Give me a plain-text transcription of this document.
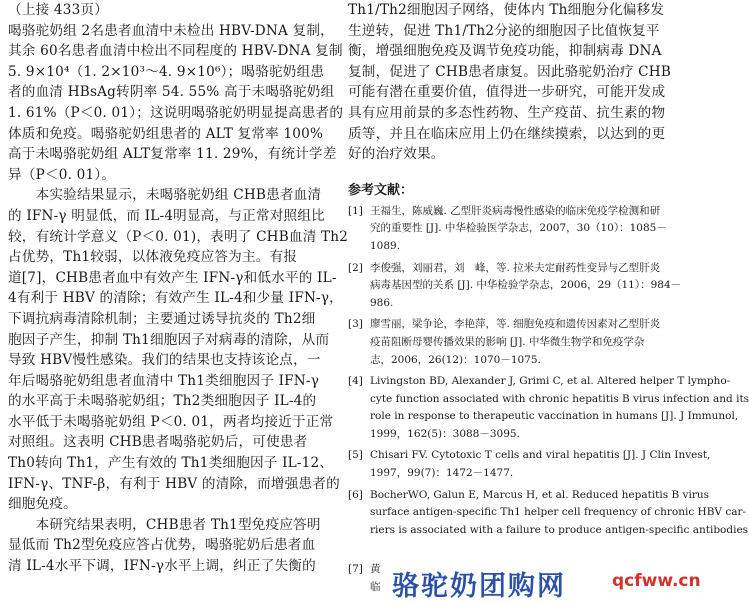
（上接 433页）
喝骆驼奶组 2名患者血清中未检出 HBV-DNA 复制，
其余 60名患者血清中检出不同程度的 HBV-DNA 复制
5. 9×10⁴（1. 2×10³～4. 9×10⁶）；喝骆驼奶组患
者的血清 HBsAg转阴率 54. 55% 高于未喝骆驼奶组
1. 61%（P＜0. 01）；这说明喝骆驼奶明显提高患者的
体质和免疫。喝骆驼奶组患者的 ALT 复常率 100%
高于未喝骆驼奶组 ALT复常率 11. 29%，有统计学差
异（P＜0. 01）。
　　本实验结果显示，未喝骆驼奶组 CHB患者血清
的 IFN-γ 明显低，而 IL-4明显高，与正常对照组比
较，有统计学意义（P＜0. 01)，表明了 CHB血清 Th2
占优势，Th1较弱，以体液免疫应答为主。有报
道[7]，CHB患者血中有效产生 IFN-γ和低水平的 IL-
4有利于 HBV 的清除；有效产生 IL-4和少量 IFN-γ，
下调抗病毒清除机制；主要通过诱导抗炎的 Th2细
胞因子产生，抑制 Th1细胞因子对病毒的清除，从而
导致 HBV慢性感染。我们的结果也支持该论点，一
年后喝骆驼奶组患者血清中 Th1类细胞因子 IFN-γ
的水平高于未喝骆驼奶组；Th2类细胞因子 IL-4的
水平低于未喝骆驼奶组 P＜0. 01，两者均接近于正常
对照组。这表明 CHB患者喝骆驼奶后，可使患者
Th0转向 Th1，产生有效的 Th1类细胞因子 IL-12、
IFN-γ、TNF-β，有利于 HBV 的清除，而增强患者的
细胞免疫。
　　本研究结果表明，CHB患者 Th1型免疫应答明
显低而 Th2型免疫应答占优势，喝骆驼奶后患者血
清 IL-4水平下调，IFN-γ水平上调，纠正了失衡的
Th1/Th2细胞因子网络，使体内 Th细胞分化偏移发
生逆转，促进 Th1/Th2分泌的细胞因子比值恢复平
衡，增强细胞免疫及调节免疫功能，抑制病毒 DNA
复制，促进了 CHB患者康复。因此骆驼奶治疗 CHB
可能有潜在重要价值，值得进一步研究，可能开发成
具有应用前景的多态性药物、生产疫苗、抗生素的物
质等，并且在临床应用上仍在继续摸索，以达到的更
好的治疗效果。
参考文献：
[1] 王福生，陈威巍. 乙型肝炎病毒慢性感染的临床免疫学检测和研
究的重要性 [J]. 中华检验医学杂志，2007，30（10）：1085－
1089.
[2] 李俊强，刘丽君，刘　峰，等. 拉米夫定耐药性变异与乙型肝炎
病毒基因型的关系 [J]. 中华检验学杂志，2006，29（11）：984－
986.
[3] 廖雪丽，梁争论，李艳萍，等. 细胞免疫和遗传因素对乙型肝炎
疫苗阻断母婴传播效果的影响 [J]. 中华微生物学和免疫学杂
志，2006，26(12)：1070－1075.
[4] Livingston BD, Alexander J, Grimi C, et al. Altered helper T lympho-
cyte function associated with chronic hepatitis B virus infection and its
role in response to therapeutic vaccination in humans [J]. J Immunol,
1999，162(5)：3088－3095.
[5] Chisari FV. Cytotoxic T cells and viral hepatitis [J]. J Clin Invest,
1997，99(7)：1472－1477.
[6] BocherWO, Galun E, Marcus H, et al. Reduced hepatitis B virus
surface antigen-specific Th1 helper cell frequency of chronic HBV car-
riers is associated with a failure to produce antigen-specific antibodies
[7] 黄
临 骆驼奶团购网	qcfww.cn
